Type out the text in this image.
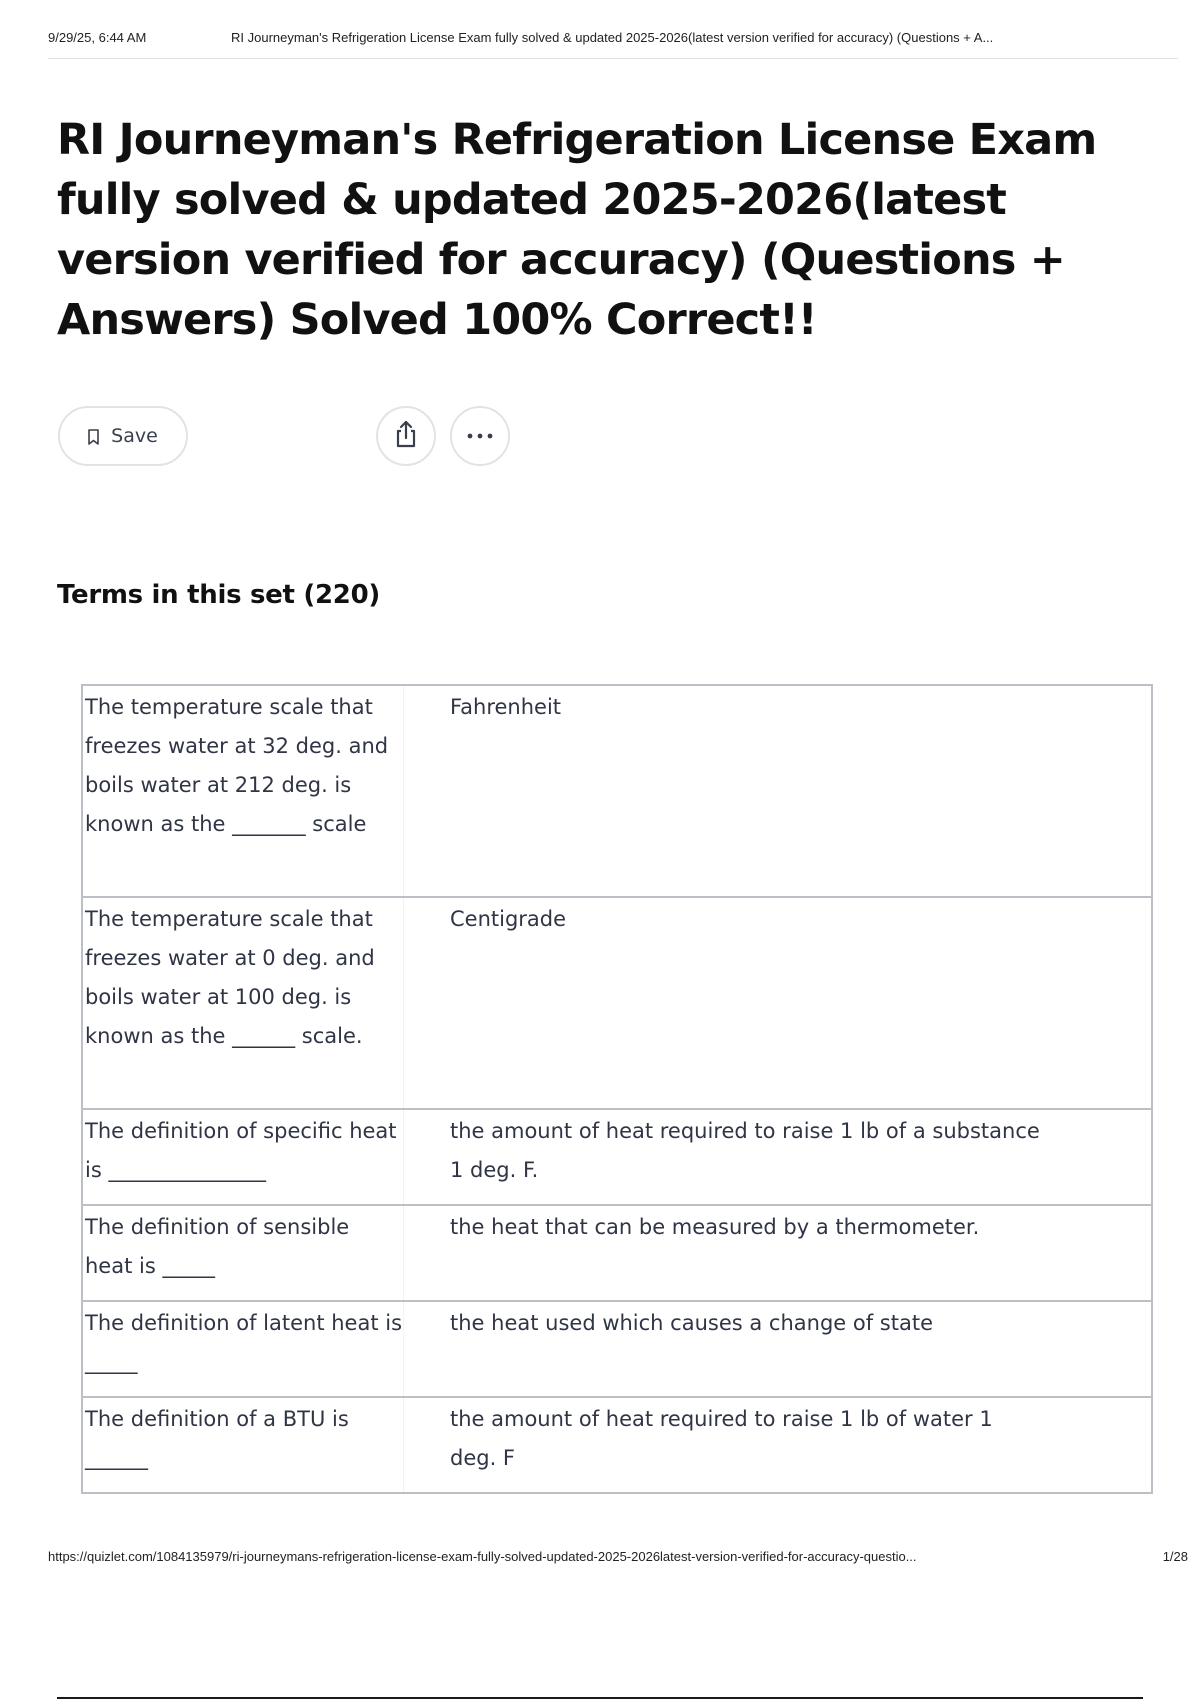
9/29/25, 6:44 AM	RI Journeyman's Refrigeration License Exam fully solved & updated 2025-2026(latest version verified for accuracy) (Questions + A...
RI Journeyman's Refrigeration License Exam fully solved & updated 2025-2026(latest version verified for accuracy) (Questions + Answers) Solved 100% Correct!!
Save
Terms in this set (220)
The temperature scale that freezes water at 32 deg. and boils water at 212 deg. is known as the _______ scale	Fahrenheit
The temperature scale that freezes water at 0 deg. and boils water at 100 deg. is known as the ______ scale.	Centigrade
The definition of specific heat is _______________	the amount of heat required to raise 1 lb of a substance 1 deg. F.
The definition of sensible heat is _____	the heat that can be measured by a thermometer.
The definition of latent heat is _____	the heat used which causes a change of state
The definition of a BTU is ______	the amount of heat required to raise 1 lb of water 1 deg. F
https://quizlet.com/1084135979/ri-journeymans-refrigeration-license-exam-fully-solved-updated-2025-2026latest-version-verified-for-accuracy-questio...	1/28
